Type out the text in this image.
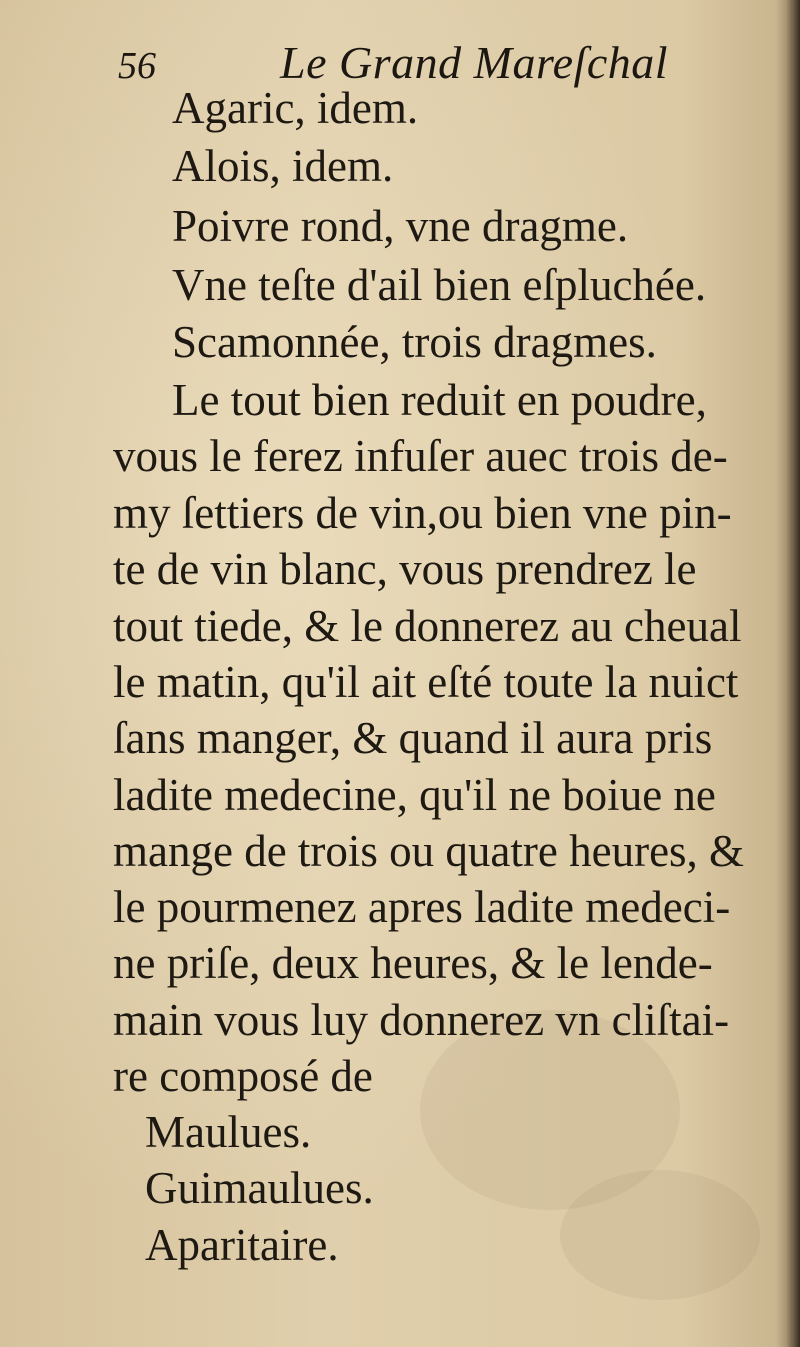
56	Le Grand Mareſchal
Agaric, idem.
Alois, idem.
Poivre rond, vne dragme.
Vne teſte d'ail bien eſpluchée.
Scamonnée, trois dragmes.
Le tout bien reduit en poudre,
vous le ferez infuſer auec trois de-
my ſettiers de vin,ou bien vne pin-
te de vin blanc, vous prendrez le
tout tiede, & le donnerez au cheual
le matin, qu'il ait eſté toute la nuict
ſans manger, & quand il aura pris
ladite medecine, qu'il ne boiue ne
mange de trois ou quatre heures, &
le pourmenez apres ladite medeci-
ne priſe, deux heures, & le lende-
main vous luy donnerez vn cliſtai-
re composé de
Maulues.
Guimaulues.
Aparitaire.
